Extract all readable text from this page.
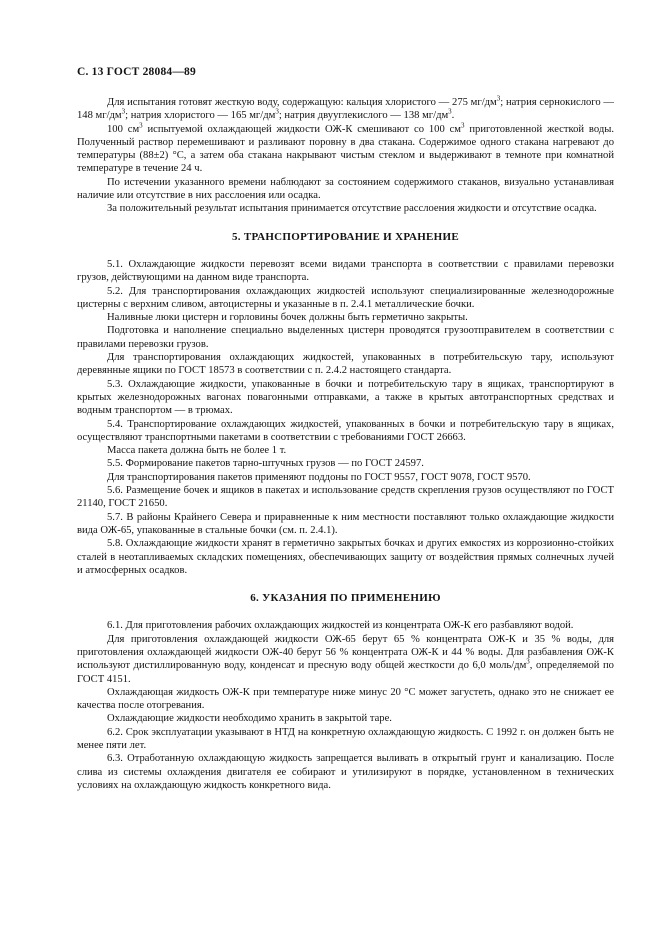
С. 13 ГОСТ 28084—89

Для испытания готовят жесткую воду, содержащую: кальция хлористого — 275 $мг/дм^3$; натрия сернокислого — 148 $мг/дм^3$; натрия хлористого — 165 $мг/дм^3$; натрия двууглекислого — 138 $мг/дм^3$.

100 $см^3$ испытуемой охлаждающей жидкости ОЖ-К смешивают со 100 $см^3$ приготовленной жесткой воды. Полученный раствор перемешивают и разливают поровну в два стакана. Содержимое одного стакана нагревают до температуры (88±2) °С, а затем оба стакана накрывают чистым стеклом и выдерживают в темноте при комнатной температуре в течение 24 ч.

По истечении указанного времени наблюдают за состоянием содержимого стаканов, визуально устанавливая наличие или отсутствие в них расслоения или осадка.

За положительный результат испытания принимается отсутствие расслоения жидкости и отсутствие осадка.

5. ТРАНСПОРТИРОВАНИЕ И ХРАНЕНИЕ

5.1. Охлаждающие жидкости перевозят всеми видами транспорта в соответствии с правилами перевозки грузов, действующими на данном виде транспорта.

5.2. Для транспортирования охлаждающих жидкостей используют специализированные железнодорожные цистерны с верхним сливом, автоцистерны и указанные в п. 2.4.1 металлические бочки.

Наливные люки цистерн и горловины бочек должны быть герметично закрыты.

Подготовка и наполнение специально выделенных цистерн проводятся грузоотправителем в соответствии с правилами перевозки грузов.

Для транспортирования охлаждающих жидкостей, упакованных в потребительскую тару, используют деревянные ящики по ГОСТ 18573 в соответствии с п. 2.4.2 настоящего стандарта.

5.3. Охлаждающие жидкости, упакованные в бочки и потребительскую тару в ящиках, транспортируют в крытых железнодорожных вагонах повагонными отправками, а также в крытых автотранспортных средствах и водным транспортом — в трюмах.

5.4. Транспортирование охлаждающих жидкостей, упакованных в бочки и потребительскую тару в ящиках, осуществляют транспортными пакетами в соответствии с требованиями ГОСТ 26663.

Масса пакета должна быть не более 1 т.

5.5. Формирование пакетов тарно-штучных грузов — по ГОСТ 24597.

Для транспортирования пакетов применяют поддоны по ГОСТ 9557, ГОСТ 9078, ГОСТ 9570.

5.6. Размещение бочек и ящиков в пакетах и использование средств скрепления грузов осуществляют по ГОСТ 21140, ГОСТ 21650.

5.7. В районы Крайнего Севера и приравненные к ним местности поставляют только охлаждающие жидкости вида ОЖ-65, упакованные в стальные бочки (см. п. 2.4.1).

5.8. Охлаждающие жидкости хранят в герметично закрытых бочках и других емкостях из коррозионно-стойких сталей в неотапливаемых складских помещениях, обеспечивающих защиту от воздействия прямых солнечных лучей и атмосферных осадков.

6. УКАЗАНИЯ ПО ПРИМЕНЕНИЮ

6.1. Для приготовления рабочих охлаждающих жидкостей из концентрата ОЖ-К его разбавляют водой.

Для приготовления охлаждающей жидкости ОЖ-65 берут 65 % концентрата ОЖ-К и 35 % воды, для приготовления охлаждающей жидкости ОЖ-40 берут 56 % концентрата ОЖ-К и 44 % воды. Для разбавления ОЖ-К используют дистиллированную воду, конденсат и пресную воду общей жесткости до 6,0 моль/$дм^3$, определяемой по ГОСТ 4151.

Охлаждающая жидкость ОЖ-К при температуре ниже минус 20 °С может загустеть, однако это не снижает ее качества после отогревания.

Охлаждающие жидкости необходимо хранить в закрытой таре.

6.2. Срок эксплуатации указывают в НТД на конкретную охлаждающую жидкость. С 1992 г. он должен быть не менее пяти лет.

6.3. Отработанную охлаждающую жидкость запрещается выливать в открытый грунт и канализацию. После слива из системы охлаждения двигателя ее собирают и утилизируют в порядке, установленном в технических условиях на охлаждающую жидкость конкретного вида.
